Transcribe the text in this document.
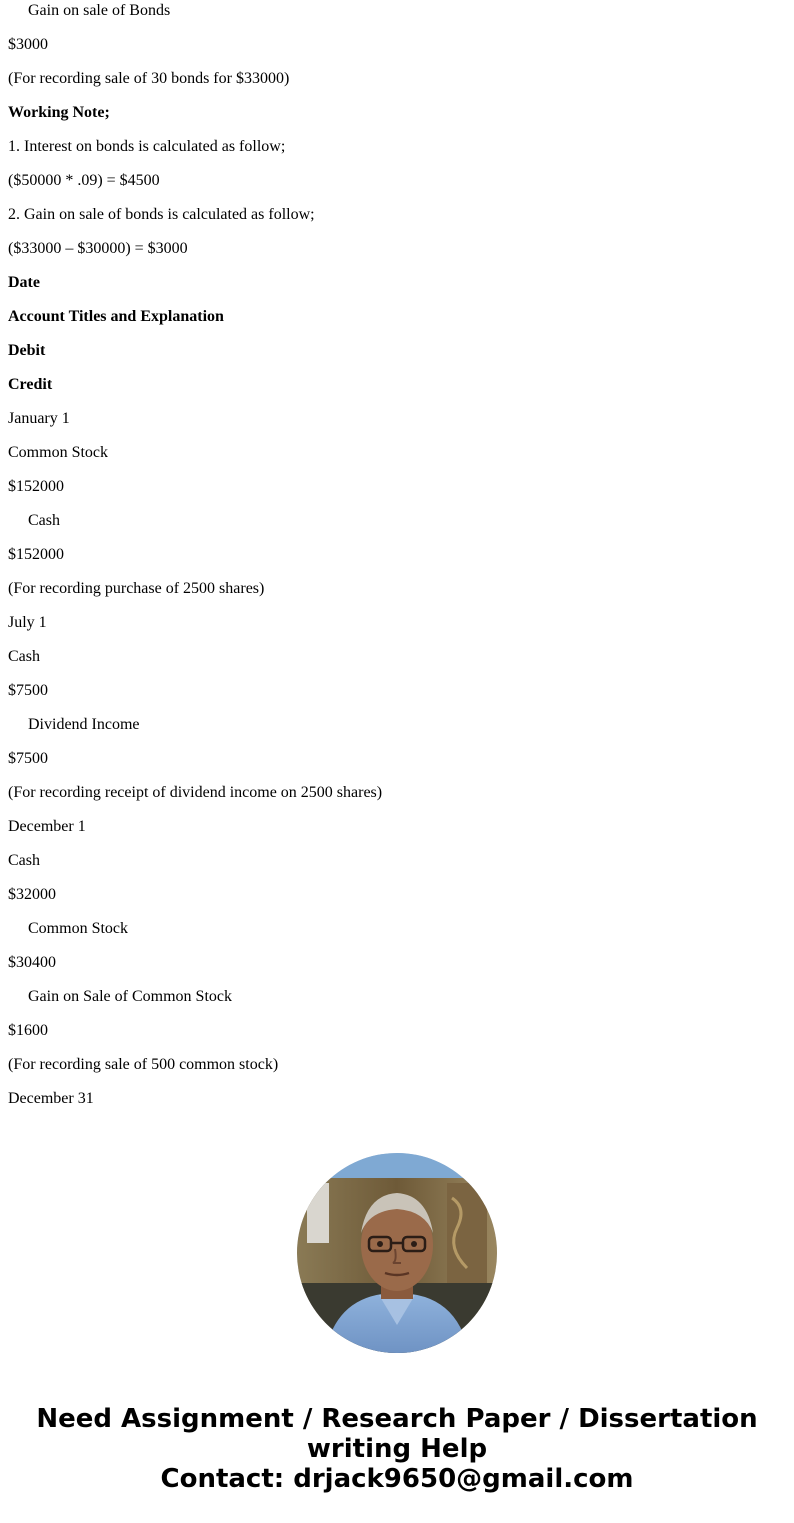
Gain on sale of Bonds
$3000
(For recording sale of 30 bonds for $33000)
Working Note;
1. Interest on bonds is calculated as follow;
($50000 * .09) = $4500
2. Gain on sale of bonds is calculated as follow;
($33000 – $30000) = $3000
Date
Account Titles and Explanation
Debit
Credit
January 1
Common Stock
$152000
Cash
$152000
(For recording purchase of 2500 shares)
July 1
Cash
$7500
Dividend Income
$7500
(For recording receipt of dividend income on 2500 shares)
December 1
Cash
$32000
Common Stock
$30400
Gain on Sale of Common Stock
$1600
(For recording sale of 500 common stock)
December 31
Need Assignment / Research Paper / Dissertation
writing Help
Contact: drjack9650@gmail.com
